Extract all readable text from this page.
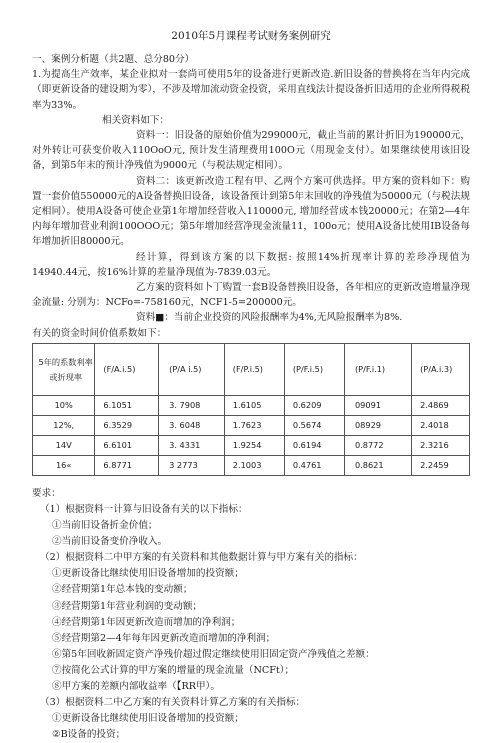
2010年5月课程考试财务案例研究
一、案例分析题（共2题、总分80分）
1.为提高生产效率，某企业拟对一套尚可使用5年的设备进行更新改造.新旧设备的替换将在当年内完成（即更新设备的建设期为零），不涉及增加流动资金投资，采用直线法计提设备折旧适用的企业所得税税率为33%。
相关资料如下：
资料一：旧设备的原始价值为299000元，截止当前的累计折旧为190000元，对外转让可获变价收入110OoO元, 预计发生清理费用100O元（用现金支付）。如果继续使用该旧设备，到第5年末的预计净残值为9000元（与税法规定相同）。
资料二：该更新改造工程有甲、乙两个方案可供选择。甲方案的资料如下：购置一套价值550000元的A设备替换旧设备，该设备预计到第5年末回收的净残值为50000元（与税法规定相同）。使用A设备可使企业第1年增加经营收入110000元, 增加经营成本钱20000元；在第2—4年内每年增加营业利润100OOO元；第5年增加经营净现金流量11，100o元；使用A设备比使用IB设备每年增加折旧80000元。
经计算，得到该方案的以下数据: 按照14%折现率计算的差珍净现值为14940.44元，按16%计算的差量净现值为-7839.03元。
乙方案的资料如卜丁购置一套B设备替换旧设备，各年相应的更新改造增量净现金流量: 分别为：NCFo=-758160元，NCF1-5=200000元。
资料■：当前企业投资的风险报酬率为4%,无风险报酬率为8%.
有关的资金时间价值系数如下：
5年的系数利率或折现率	(F/A.i.5)	(P/A i.5)	(F/P.i.5)	(P/F.i.5)	(P/F.i.1)	(P/A.i.3)
10%	6.1051	3. 7908	1.6105	0.6209	09091	2.4869
12%,	6.3529	3. 6048	1.7623	0.5674	08929	2.4018
14V	6.6101	3. 4331	1.9254	0.6194	0.8772	2.3216
16«	6.8771	3 2773	2.1003	0.4761	0.8621	2.2459
要求：
（1）根据资料一计算与旧设备有关的以下指标：
①当前旧设备折金价值；
②当前旧设备变价净收入。
（2）根据资料二中甲方案的有关资料和其他数据计算与甲方案有关的指标：
①更新设备比继续使用旧设备增加的投资额；
②经营期第1年总本钱的变动额；
③经营期第1年营业利润的变动额；
④经营期第1年因更新改造而增加的净利润；
⑤经营期第2—4年每年因更新改造而增加的净利润；
⑥第5年回收新固定资产净残价超过假定继续使用旧固定资产净残值之差额：
⑦按简化公式计算的甲方案的增量的现金流量（NCFt）；
⑧甲方案的差额内部收益率（【RR甲）。
（3）根据资料二中乙方案的有关资料计算乙方案的有关指标：
①更新设备比继续使用旧设备增加的投资额；
②B设备的投资；
